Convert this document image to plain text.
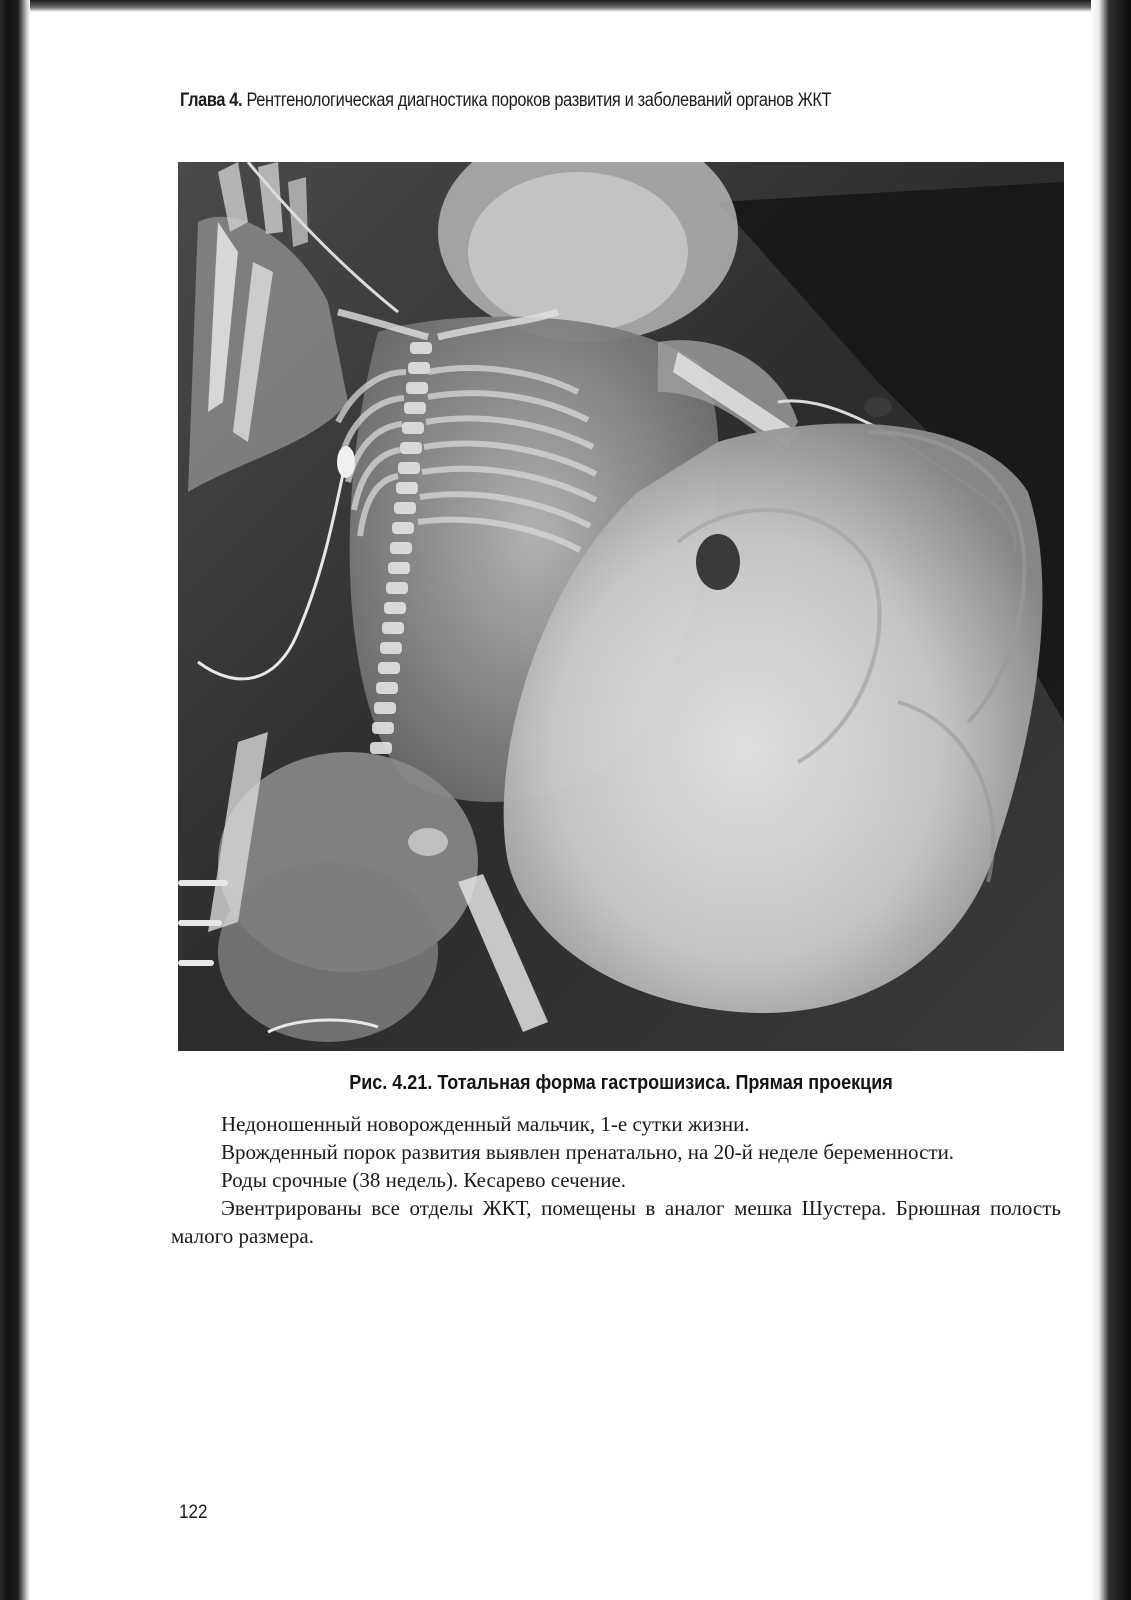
Глава 4. Рентгенологическая диагностика пороков развития и заболеваний органов ЖКТ
Рис. 4.21. Тотальная форма гастрошизиса. Прямая проекция

Недоношенный новорожденный мальчик, 1-е сутки жизни.

Врожденный порок развития выявлен пренатально, на 20-й неделе беременности.

Роды срочные (38 недель). Кесарево сечение.

Эвентрированы все отделы ЖКТ, помещены в аналог мешка Шустера. Брюшная полость малого размера.

122
